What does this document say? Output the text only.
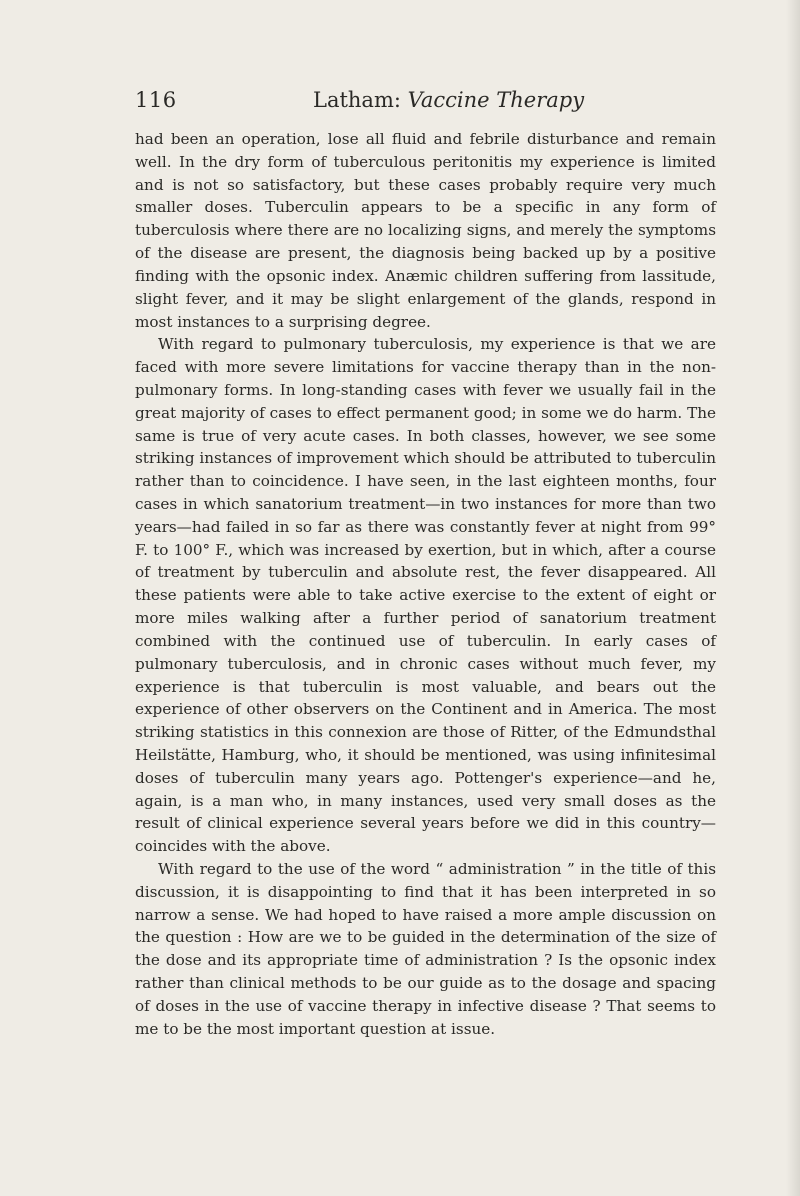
116	Latham: Vaccine Therapy

had been an operation, lose all fluid and febrile disturbance and remain well. In the dry form of tuberculous peritonitis my experience is limited and is not so satisfactory, but these cases probably require very much smaller doses. Tuberculin appears to be a specific in any form of tuberculosis where there are no localizing signs, and merely the symptoms of the disease are present, the diagnosis being backed up by a positive finding with the opsonic index. Anæmic children suffering from lassitude, slight fever, and it may be slight enlargement of the glands, respond in most instances to a surprising degree.

With regard to pulmonary tuberculosis, my experience is that we are faced with more severe limitations for vaccine therapy than in the non-pulmonary forms. In long-standing cases with fever we usually fail in the great majority of cases to effect permanent good; in some we do harm. The same is true of very acute cases. In both classes, however, we see some striking instances of improvement which should be attributed to tuberculin rather than to coincidence. I have seen, in the last eighteen months, four cases in which sanatorium treatment—in two instances for more than two years—had failed in so far as there was constantly fever at night from 99° F. to 100° F., which was increased by exertion, but in which, after a course of treatment by tuberculin and absolute rest, the fever disappeared. All these patients were able to take active exercise to the extent of eight or more miles walking after a further period of sanatorium treatment combined with the continued use of tuberculin. In early cases of pulmonary tuberculosis, and in chronic cases without much fever, my experience is that tuberculin is most valuable, and bears out the experience of other observers on the Continent and in America. The most striking statistics in this connexion are those of Ritter, of the Edmundsthal Heilstätte, Hamburg, who, it should be mentioned, was using infinitesimal doses of tuberculin many years ago. Pottenger's experience—and he, again, is a man who, in many instances, used very small doses as the result of clinical experience several years before we did in this country—coincides with the above.

With regard to the use of the word “ administration ” in the title of this discussion, it is disappointing to find that it has been interpreted in so narrow a sense. We had hoped to have raised a more ample discussion on the question : How are we to be guided in the determination of the size of the dose and its appropriate time of administration ? Is the opsonic index rather than clinical methods to be our guide as to the dosage and spacing of doses in the use of vaccine therapy in infective disease ? That seems to me to be the most important question at issue.
